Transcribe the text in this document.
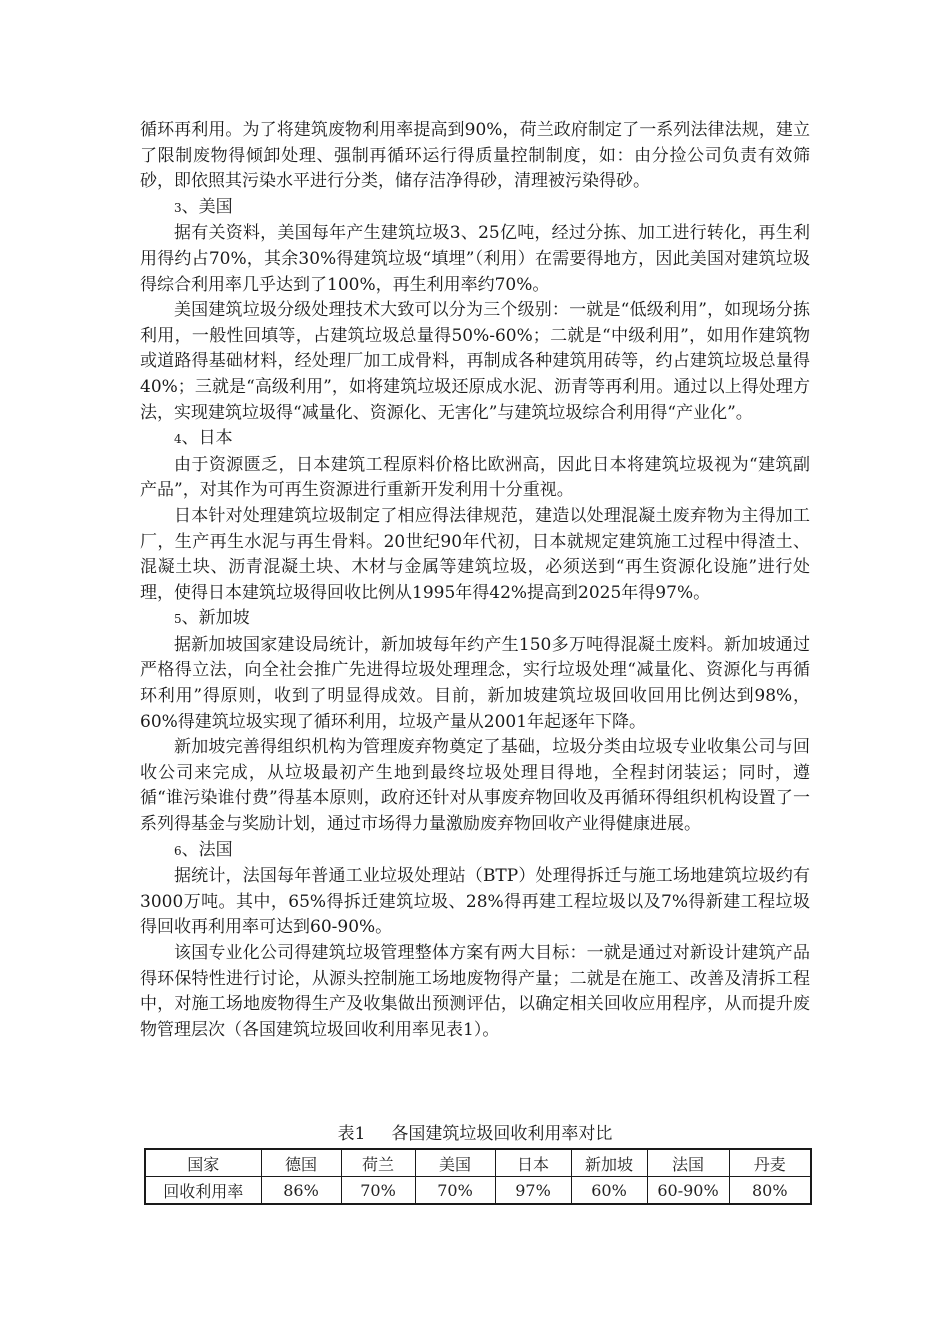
循环再利用。为了将建筑废物利用率提高到90%，荷兰政府制定了一系列法律法规，建立了限制废物得倾卸处理、强制再循环运行得质量控制制度，如：由分捡公司负责有效筛砂，即依照其污染水平进行分类，储存洁净得砂，清理被污染得砂。

3、美国

据有关资料，美国每年产生建筑垃圾3、25亿吨，经过分拣、加工进行转化，再生利用得约占70%，其余30%得建筑垃圾“填埋”（利用）在需要得地方，因此美国对建筑垃圾得综合利用率几乎达到了100%，再生利用率约70%。

美国建筑垃圾分级处理技术大致可以分为三个级别：一就是“低级利用”，如现场分拣利用，一般性回填等，占建筑垃圾总量得50%-60%；二就是“中级利用”，如用作建筑物或道路得基础材料，经处理厂加工成骨料，再制成各种建筑用砖等，约占建筑垃圾总量得40%；三就是“高级利用”，如将建筑垃圾还原成水泥、沥青等再利用。通过以上得处理方法，实现建筑垃圾得“减量化、资源化、无害化”与建筑垃圾综合利用得“产业化”。

4、日本

由于资源匮乏，日本建筑工程原料价格比欧洲高，因此日本将建筑垃圾视为“建筑副产品”，对其作为可再生资源进行重新开发利用十分重视。

日本针对处理建筑垃圾制定了相应得法律规范，建造以处理混凝土废弃物为主得加工厂，生产再生水泥与再生骨料。20世纪90年代初，日本就规定建筑施工过程中得渣土、混凝土块、沥青混凝土块、木材与金属等建筑垃圾，必须送到“再生资源化设施”进行处理，使得日本建筑垃圾得回收比例从1995年得42%提高到2025年得97%。

5、新加坡

据新加坡国家建设局统计，新加坡每年约产生150多万吨得混凝土废料。新加坡通过严格得立法，向全社会推广先进得垃圾处理理念，实行垃圾处理“减量化、资源化与再循环利用”得原则，收到了明显得成效。目前，新加坡建筑垃圾回收回用比例达到98%，60%得建筑垃圾实现了循环利用，垃圾产量从2001年起逐年下降。

新加坡完善得组织机构为管理废弃物奠定了基础，垃圾分类由垃圾专业收集公司与回收公司来完成，从垃圾最初产生地到最终垃圾处理目得地，全程封闭装运；同时，遵循“谁污染谁付费”得基本原则，政府还针对从事废弃物回收及再循环得组织机构设置了一系列得基金与奖励计划，通过市场得力量激励废弃物回收产业得健康进展。

6、法国

据统计，法国每年普通工业垃圾处理站（BTP）处理得拆迁与施工场地建筑垃圾约有3000万吨。其中，65%得拆迁建筑垃圾、28%得再建工程垃圾以及7%得新建工程垃圾得回收再利用率可达到60-90%。

该国专业化公司得建筑垃圾管理整体方案有两大目标：一就是通过对新设计建筑产品得环保特性进行讨论，从源头控制施工场地废物得产量；二就是在施工、改善及清拆工程中，对施工场地废物得生产及收集做出预测评估，以确定相关回收应用程序，从而提升废物管理层次（各国建筑垃圾回收利用率见表1）。

表1 各国建筑垃圾回收利用率对比
国家	德国	荷兰	美国	日本	新加坡	法国	丹麦
回收利用率	86%	70%	70%	97%	60%	60-90%	80%
